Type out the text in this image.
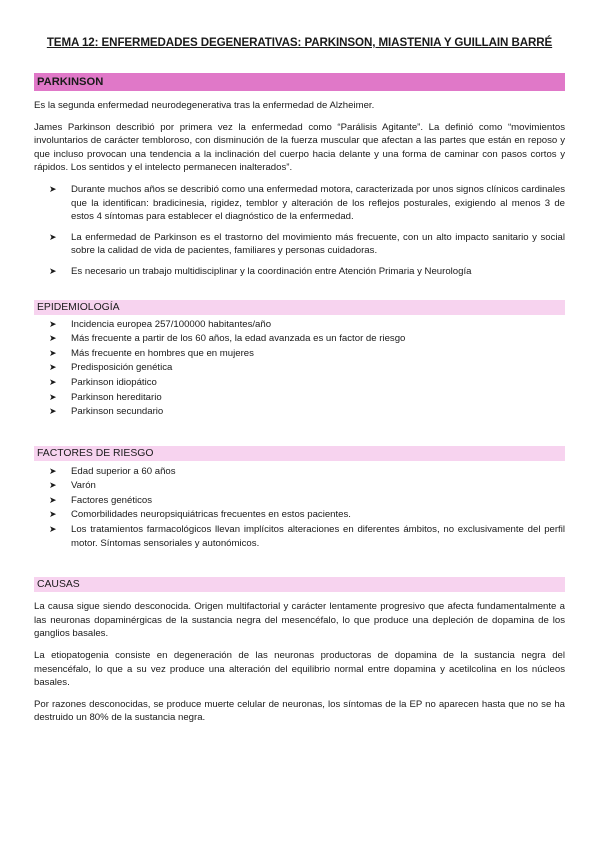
TEMA 12: ENFERMEDADES DEGENERATIVAS: PARKINSON, MIASTENIA Y GUILLAIN BARRÉ
PARKINSON

Es la segunda enfermedad neurodegenerativa tras la enfermedad de Alzheimer.

James Parkinson describió por primera vez la enfermedad como “Parálisis Agitante”. La definió como “movimientos involuntarios de carácter tembloroso, con disminución de la fuerza muscular que afectan a las partes que están en reposo y que incluso provocan una tendencia a la inclinación del cuerpo hacia delante y una forma de caminar con pasos cortos y rápidos. Los sentidos y el intelecto permanecen inalterados”.

➤ Durante muchos años se describió como una enfermedad motora, caracterizada por unos signos clínicos cardinales que la identifican: bradicinesia, rigidez, temblor y alteración de los reflejos posturales, exigiendo al menos 3 de estos 4 síntomas para establecer el diagnóstico de la enfermedad.
➤ La enfermedad de Parkinson es el trastorno del movimiento más frecuente, con un alto impacto sanitario y social sobre la calidad de vida de pacientes, familiares y personas cuidadoras.
➤ Es necesario un trabajo multidisciplinar y la coordinación entre Atención Primaria y Neurología
EPIDEMIOLOGÍA
➤ Incidencia europea 257/100000 habitantes/año
➤ Más frecuente a partir de los 60 años, la edad avanzada es un factor de riesgo
➤ Más frecuente en hombres que en mujeres
➤ Predisposición genética
➤ Parkinson idiopático
➤ Parkinson hereditario
➤ Parkinson secundario
FACTORES DE RIESGO
➤ Edad superior a 60 años
➤ Varón
➤ Factores genéticos
➤ Comorbilidades neuropsiquiátricas frecuentes en estos pacientes.
➤ Los tratamientos farmacológicos llevan implícitos alteraciones en diferentes ámbitos, no exclusivamente del perfil motor. Síntomas sensoriales y autonómicos.
CAUSAS

La causa sigue siendo desconocida. Origen multifactorial y carácter lentamente progresivo que afecta fundamentalmente a las neuronas dopaminérgicas de la sustancia negra del mesencéfalo, lo que produce una depleción de dopamina de los ganglios basales.

La etiopatogenia consiste en degeneración de las neuronas productoras de dopamina de la sustancia negra del mesencéfalo, lo que a su vez produce una alteración del equilibrio normal entre dopamina y acetilcolina en los núcleos basales.

Por razones desconocidas, se produce muerte celular de neuronas, los síntomas de la EP no aparecen hasta que no se ha destruido un 80% de la sustancia negra.
